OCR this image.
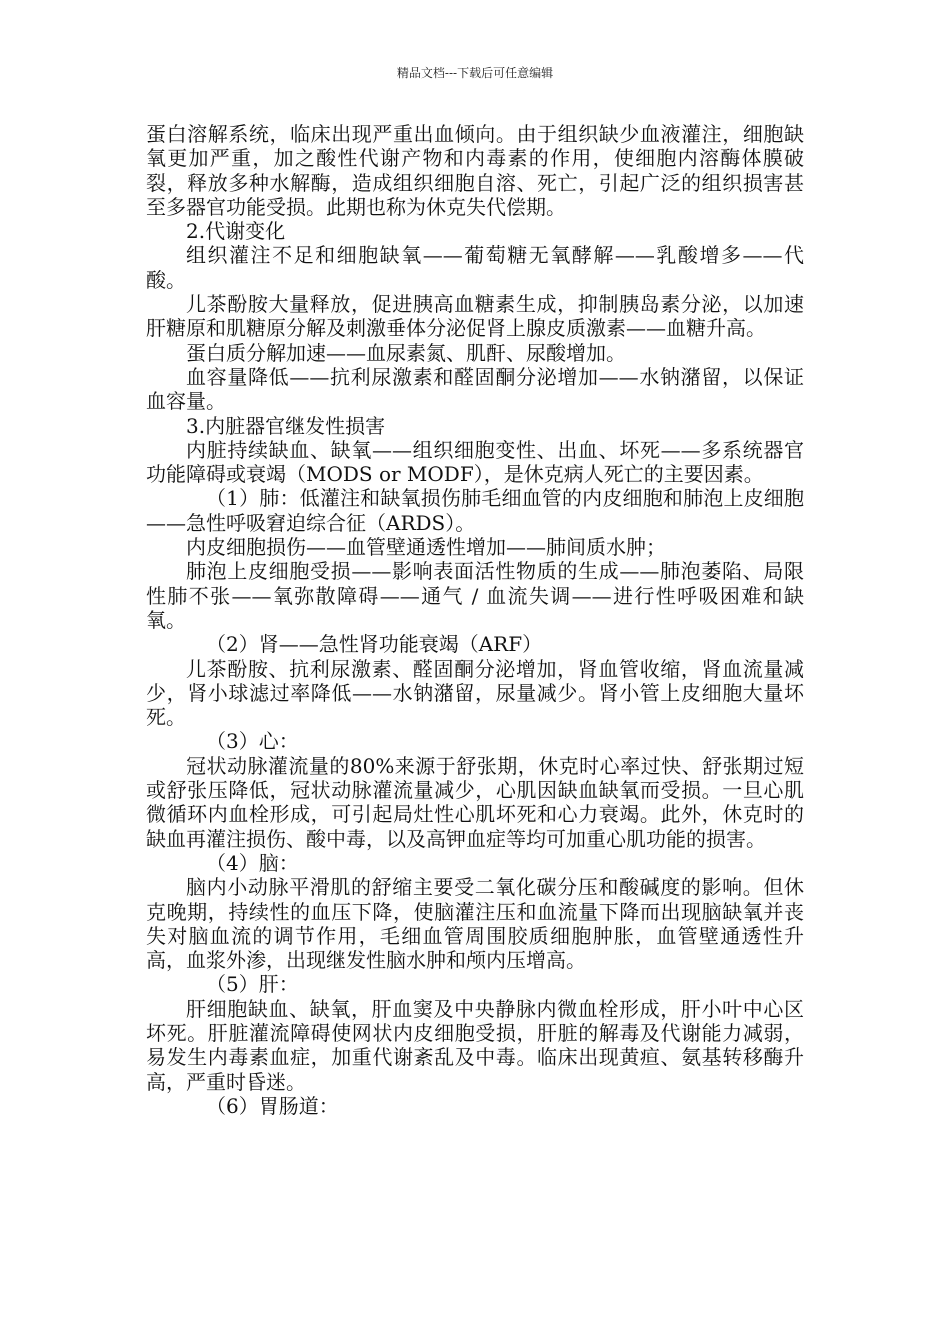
精品文档---下载后可任意编辑

蛋白溶解系统，临床出现严重出血倾向。由于组织缺少血液灌注，细胞缺氧更加严重，加之酸性代谢产物和内毒素的作用，使细胞内溶酶体膜破裂，释放多种水解酶，造成组织细胞自溶、死亡，引起广泛的组织损害甚至多器官功能受损。此期也称为休克失代偿期。

2.代谢变化

组织灌注不足和细胞缺氧——葡萄糖无氧酵解——乳酸增多——代酸。

儿茶酚胺大量释放，促进胰高血糖素生成，抑制胰岛素分泌，以加速肝糖原和肌糖原分解及刺激垂体分泌促肾上腺皮质激素——血糖升高。

蛋白质分解加速——血尿素氮、肌酐、尿酸增加。

血容量降低——抗利尿激素和醛固酮分泌增加——水钠潴留，以保证血容量。

3.内脏器官继发性损害

内脏持续缺血、缺氧——组织细胞变性、出血、坏死——多系统器官功能障碍或衰竭（MODS or MODF），是休克病人死亡的主要因素。

（1）肺：低灌注和缺氧损伤肺毛细血管的内皮细胞和肺泡上皮细胞——急性呼吸窘迫综合征（ARDS）。

内皮细胞损伤——血管壁通透性增加——肺间质水肿；

肺泡上皮细胞受损——影响表面活性物质的生成——肺泡萎陷、局限性肺不张——氧弥散障碍——通气 / 血流失调——进行性呼吸困难和缺氧。

（2）肾——急性肾功能衰竭（ARF）

儿茶酚胺、抗利尿激素、醛固酮分泌增加，肾血管收缩，肾血流量减少，肾小球滤过率降低——水钠潴留，尿量减少。肾小管上皮细胞大量坏死。

（3）心：

冠状动脉灌流量的80%来源于舒张期，休克时心率过快、舒张期过短或舒张压降低，冠状动脉灌流量减少，心肌因缺血缺氧而受损。一旦心肌微循环内血栓形成，可引起局灶性心肌坏死和心力衰竭。此外，休克时的缺血再灌注损伤、酸中毒，以及高钾血症等均可加重心肌功能的损害。

（4）脑：

脑内小动脉平滑肌的舒缩主要受二氧化碳分压和酸碱度的影响。但休克晚期，持续性的血压下降，使脑灌注压和血流量下降而出现脑缺氧并丧失对脑血流的调节作用，毛细血管周围胶质细胞肿胀，血管壁通透性升高，血浆外渗，出现继发性脑水肿和颅内压增高。

（5）肝：

肝细胞缺血、缺氧，肝血窦及中央静脉内微血栓形成，肝小叶中心区坏死。肝脏灌流障碍使网状内皮细胞受损，肝脏的解毒及代谢能力减弱，易发生内毒素血症，加重代谢紊乱及中毒。临床出现黄疸、氨基转移酶升高，严重时昏迷。

（6）胃肠道：
